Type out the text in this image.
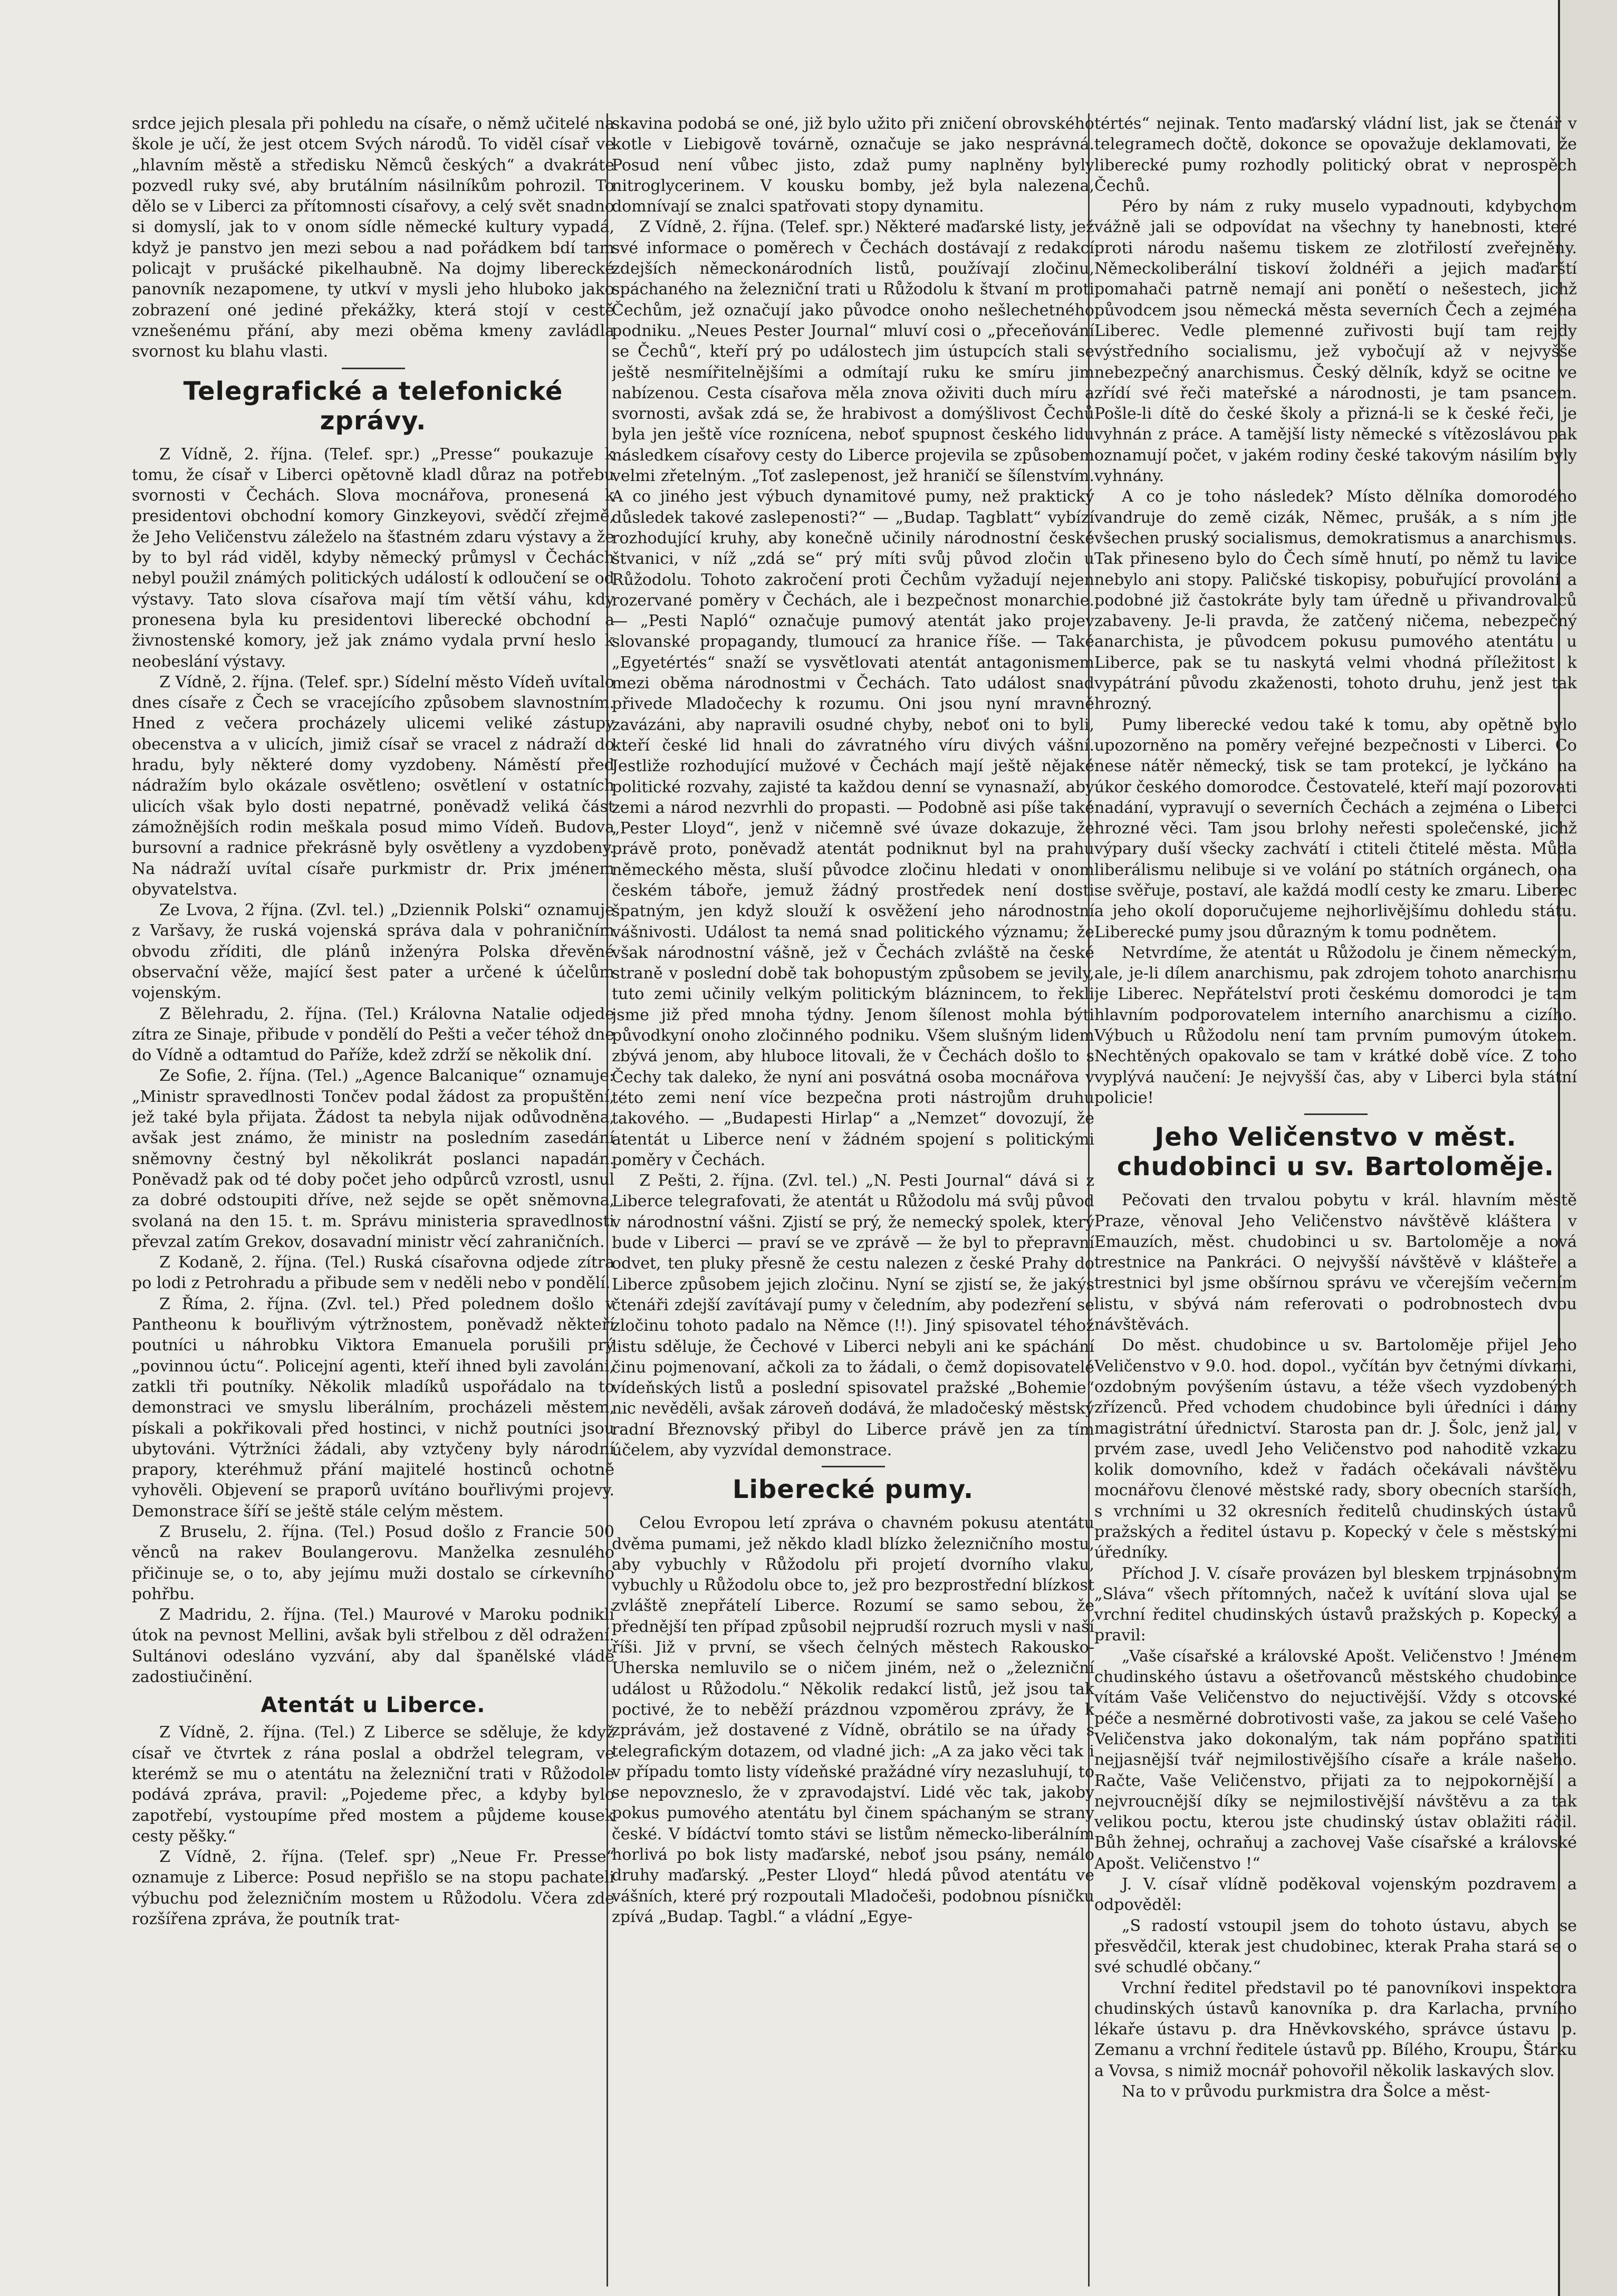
srdce jejich plesala při pohledu na císaře, o němž učitelé na škole je učí, že jest otcem Svých národů. To viděl císař ve „hlavním městě a středisku Němců českých“ a dvakráte pozvedl ruky své, aby brutálním násilníkům pohrozil. To dělo se v Liberci za přítomnosti císařovy, a celý svět snadno si domyslí, jak to v onom sídle německé kultury vypadá, když je panstvo jen mezi sebou a nad pořádkem bdí tam policajt v prušácké pikelhaubně. Na dojmy liberecké panovník nezapomene, ty utkví v mysli jeho hluboko jako zobrazení oné jediné překážky, která stojí v cestě vznešenému přání, aby mezi oběma kmeny zavládla svornost ku blahu vlasti.

Telegrafické a telefonické zprávy.

Z Vídně, 2. října. (Telef. spr.) „Presse“ poukazuje k tomu, že císař v Liberci opětovně kladl důraz na potřebu svornosti v Čechách. Slova mocnářova, pronesená k presidentovi obchodní komory Ginzkeyovi, svědčí zřejmě, že Jeho Veličenstvu záleželo na šťastném zdaru výstavy a že by to byl rád viděl, kdyby německý průmysl v Čechách nebyl použil známých politických událostí k odloučení se od výstavy. Tato slova císařova mají tím větší váhu, kdy pronesena byla ku presidentovi liberecké obchodní a živnostenské komory, jež jak známo vydala první heslo k neobeslání výstavy.

Z Vídně, 2. října. (Telef. spr.) Sídelní město Vídeň uvítalo dnes císaře z Čech se vracejícího způsobem slavnostním. Hned z večera procházely ulicemi veliké zástupy obecenstva a v ulicích, jimiž císař se vracel z nádraží do hradu, byly některé domy vyzdobeny. Náměstí před nádražím bylo okázale osvětleno; osvětlení v ostatních ulicích však bylo dosti nepatrné, poněvadž veliká část zámožnějších rodin meškala posud mimo Vídeň. Budova bursovní a radnice překrásně byly osvětleny a vyzdobeny. Na nádraží uvítal císaře purkmistr dr. Prix jménem obyvatelstva.

Ze Lvova, 2 října. (Zvl. tel.) „Dziennik Polski“ oznamuje z Varšavy, že ruská vojenská správa dala v pohraničním obvodu zříditi, dle plánů inženýra Polska dřevěné observační věže, mající šest pater a určené k účelům vojenským.

Z Bělehradu, 2. října. (Tel.) Královna Natalie odjede zítra ze Sinaje, přibude v pondělí do Pešti a večer téhož dne do Vídně a odtamtud do Paříže, kdež zdrží se několik dní.

Ze Sofie, 2. října. (Tel.) „Agence Balcanique“ oznamuje: „Ministr spravedlnosti Tončev podal žádost za propuštění, jež také byla přijata. Žádost ta nebyla nijak odůvodněna, avšak jest známo, že ministr na posledním zasedání sněmovny čestný byl několikrát poslanci napadán. Poněvadž pak od té doby počet jeho odpůrců vzrostl, usnul za dobré odstoupiti dříve, než sejde se opět sněmovna, svolaná na den 15. t. m. Správu ministeria spravedlnosti převzal zatím Grekov, dosavadní ministr věcí zahraničních.

Z Kodaně, 2. října. (Tel.) Ruská císařovna odjede zítra po lodi z Petrohradu a přibude sem v neděli nebo v pondělí.

Z Říma, 2. října. (Zvl. tel.) Před polednem došlo v Pantheonu k bouřlivým výtržnostem, poněvadž někteří poutníci u náhrobku Viktora Emanuela porušili prý „povinnou úctu“. Policejní agenti, kteří ihned byli zavoláni, zatkli tři poutníky. Několik mladíků uspořádalo na to demonstraci ve smyslu liberálním, procházeli městem, pískali a pokřikovali před hostinci, v nichž poutníci jsou ubytováni. Výtržníci žádali, aby vztyčeny byly národní prapory, kteréhmuž přání majitelé hostinců ochotně vyhověli. Objevení se praporů uvítáno bouřlivými projevy. Demonstrace šíří se ještě stále celým městem.

Z Bruselu, 2. října. (Tel.) Posud došlo z Francie 500 věnců na rakev Boulangerovu. Manželka zesnulého přičinuje se, o to, aby jejímu muži dostalo se církevního pohřbu.

Z Madridu, 2. října. (Tel.) Maurové v Maroku podnikli útok na pevnost Mellini, avšak byli střelbou z děl odražení. Sultánovi odesláno vyzvání, aby dal španělské vládě zadostiučinění.

Atentát u Liberce.

Z Vídně, 2. října. (Tel.) Z Liberce se sděluje, že když císař ve čtvrtek z rána poslal a obdržel telegram, ve kterémž se mu o atentátu na železniční trati v Růžodole podává zpráva, pravil: „Pojedeme přec, a kdyby bylo zapotřebí, vystoupíme před mostem a půjdeme kousek cesty pěšky.“

Z Vídně, 2. října. (Telef. spr) „Neue Fr. Presse“ oznamuje z Liberce: Posud nepřišlo se na stopu pachateli výbuchu pod železničním mostem u Růžodolu. Včera zde rozšířena zpráva, že poutník trat-

skavina podobá se oné, již bylo užito při zničení obrovského kotle v Liebigově továrně, označuje se jako nesprávná. Posud není vůbec jisto, zdaž pumy naplněny byly nitroglycerinem. V kousku bomby, jež byla nalezena, domnívají se znalci spatřovati stopy dynamitu.

Z Vídně, 2. října. (Telef. spr.) Některé maďarské listy, jež své informace o poměrech v Čechách dostávají z redakcí zdejších německonárodních listů, používají zločinu, spáchaného na železniční trati u Růžodolu k štvaní m proti Čechům, jež označují jako původce onoho nešlechetného podniku. „Neues Pester Journal“ mluví cosi o „přeceňování se Čechů“, kteří prý po událostech jim ústupcích stali se ještě nesmířitelnějšími a odmítají ruku ke smíru jim nabízenou. Cesta císařova měla znova oživiti duch míru a svornosti, avšak zdá se, že hrabivost a domýšlivost Čechů byla jen ještě více roznícena, neboť spupnost českého lidu následkem císařovy cesty do Liberce projevila se způsobem velmi zřetelným. „Toť zaslepenost, jež hraničí se šílenstvím. A co jiného jest výbuch dynamitové pumy, než praktický důsledek takové zaslepenosti?“ — „Budap. Tagblatt“ vybízí rozhodující kruhy, aby konečně učinily národnostní české štvanici, v níž „zdá se“ prý míti svůj původ zločin u Růžodolu. Tohoto zakročení proti Čechům vyžadují nejen rozervané poměry v Čechách, ale i bezpečnost monarchie. — „Pesti Napló“ označuje pumový atentát jako projev slovanské propagandy, tlumoucí za hranice říše. — Také „Egyetértés“ snaží se vysvětlovati atentát antagonismem mezi oběma národnostmi v Čechách. Tato událost snad přivede Mladočechy k rozumu. Oni jsou nyní mravně zavázáni, aby napravili osudné chyby, neboť oni to byli, kteří české lid hnali do závratného víru divých vášní. Jestliže rozhodující mužové v Čechách mají ještě nějaké politické rozvahy, zajisté ta každou denní se vynasnaží, aby zemi a národ nezvrhli do propasti. — Podobně asi píše také „Pester Lloyd“, jenž v ničemně své úvaze dokazuje, že právě proto, poněvadž atentát podniknut byl na prahu německého města, sluší původce zločinu hledati v onom českém táboře, jemuž žádný prostředek není dosti špatným, jen když slouží k osvěžení jeho národnostní vášnivosti. Událost ta nemá snad politického významu; že však národnostní vášně, jež v Čechách zvláště na české straně v poslední době tak bohopustým způsobem se jevily, tuto zemi učinily velkým politickým bláznincem, to řekli jsme již před mnoha týdny. Jenom šílenost mohla býti původkyní onoho zločinného podniku. Všem slušným lidem zbývá jenom, aby hluboce litovali, že v Čechách došlo to s Čechy tak daleko, že nyní ani posvátná osoba mocnářova v této zemi není více bezpečna proti nástrojům druhu takového. — „Budapesti Hirlap“ a „Nemzet“ dovozují, že atentát u Liberce není v žádném spojení s politickými poměry v Čechách.

Z Pešti, 2. října. (Zvl. tel.) „N. Pesti Journal“ dává si z Liberce telegrafovati, že atentát u Růžodolu má svůj původ v národnostní vášni. Zjistí se prý, že nemecký spolek, který bude v Liberci — praví se ve zprávě — že byl to přepravní odvet, ten pluky přesně že cestu nalezen z české Prahy do Liberce způsobem jejich zločinu. Nyní se zjistí se, že jakýs čtenáři zdejší zavítávají pumy v čeledním, aby podezření se zločinu tohoto padalo na Němce (!!). Jiný spisovatel téhož listu sděluje, že Čechové v Liberci nebyli ani ke spáchání činu pojmenovaní, ačkoli za to žádali, o čemž dopisovatelé vídeňských listů a poslední spisovatel pražské „Bohemie“ nic nevěděli, avšak zároveň dodává, že mladočeský městský radní Březnovský přibyl do Liberce právě jen za tím účelem, aby vyzvídal demonstrace.

Liberecké pumy.

Celou Evropou letí zpráva o chavném pokusu atentátu dvěma pumami, jež někdo kladl blízko železničního mostu, aby vybuchly v Růžodolu při projetí dvorního vlaku, vybuchly u Růžodolu obce to, jež pro bezprostřední blízkost zvláště znepřátelí Liberce. Rozumí se samo sebou, že přednější ten případ způsobil nejprudší rozruch mysli v naší říši. Již v první, se všech čelných městech Rakousko-Uherska nemluvilo se o ničem jiném, než o „železniční událost u Růžodolu.“ Několik redakcí listů, jež jsou tak poctivé, že to neběží prázdnou vzpoměrou zprávy, že k zprávám, jež dostavené z Vídně, obrátilo se na úřady s telegrafickým dotazem, od vladné jich: „A za jako věci tak i v případu tomto listy vídeňské pražádné víry nezasluhují, to se nepovzneslo, že v zpravodajství. Lidé věc tak, jakoby pokus pumového atentátu byl činem spáchaným se strany české. V bídáctví tomto stávi se listům německo-liberálním horlivá po bok listy maďarské, neboť jsou psány, nemálo druhy maďarský. „Pester Lloyd“ hledá původ atentátu ve vášních, které prý rozpoutali Mladočeši, podobnou písničku zpívá „Budap. Tagbl.“ a vládní „Egye-

tértés“ nejinak. Tento maďarský vládní list, jak se čtenář v telegramech dočtě, dokonce se opovažuje deklamovati, že liberecké pumy rozhodly politický obrat v neprospěch Čechů.

Péro by nám z ruky muselo vypadnouti, kdybychom vážně jali se odpovídat na všechny ty hanebnosti, které proti národu našemu tiskem ze zlotřilostí zveřejněny. Německoliberální tiskoví žoldnéři a jejich maďarští pomahači patrně nemají ani ponětí o nešestech, jichž původcem jsou německá města severních Čech a zejména Liberec. Vedle plemenné zuřivosti bují tam rejdy výstředního socialismu, jež vybočují až v nejvyšše nebezpečný anarchismus. Český dělník, když se ocitne ve zřídí své řeči mateřské a národnosti, je tam psancem. Pošle-li dítě do české školy a přizná-li se k české řeči, je vyhnán z práce. A tamější listy německé s vítězoslávou pak oznamují počet, v jakém rodiny české takovým násilím byly vyhnány.

A co je toho následek? Místo dělníka domorodého vandruje do země cizák, Němec, prušák, a s ním jde všechen pruský socialismus, demokratismus a anarchismus. Tak přineseno bylo do Čech símě hnutí, po němž tu lavice nebylo ani stopy. Paličské tiskopisy, pobuřující provolání a podobné již častokráte byly tam úředně u přivandrovalců zabaveny. Je-li pravda, že zatčený ničema, nebezpečný anarchista, je původcem pokusu pumového atentátu u Liberce, pak se tu naskytá velmi vhodná příležitost k vypátrání původu zkaženosti, tohoto druhu, jenž jest tak hrozný.

Pumy liberecké vedou také k tomu, aby opětně bylo upozorněno na poměry veřejné bezpečnosti v Liberci. Co nese nátěr německý, tisk se tam protekcí, je lyčkáno na úkor českého domorodce. Čestovatelé, kteří mají pozorovati nadání, vypravují o severních Čechách a zejména o Liberci hrozné věci. Tam jsou brlohy neřesti společenské, jichž výpary duší všecky zachvátí i ctiteli čtitelé města. Můda liberálismu nelibuje si ve volání po státních orgánech, ona se svěřuje, postaví, ale každá modlí cesty ke zmaru. Liberec a jeho okolí doporučujeme nejhorlivějšímu dohledu státu. Liberecké pumy jsou důrazným k tomu podnětem.

Netvrdíme, že atentát u Růžodolu je činem německým, ale, je-li dílem anarchismu, pak zdrojem tohoto anarchismu je Liberec. Nepřátelství proti českému domorodci je tam hlavním podporovatelem interního anarchismu a cizího. Výbuch u Růžodolu není tam prvním pumovým útokem. Nechtěných opakovalo se tam v krátké době více. Z toho vyplývá naučení: Je nejvyšší čas, aby v Liberci byla státní policie!

Jeho Veličenstvo v měst. chudobinci u sv. Bartoloměje.

Pečovati den trvalou pobytu v král. hlavním městě Praze, věnoval Jeho Veličenstvo návštěvě kláštera v Emauzích, měst. chudobinci u sv. Bartoloměje a nová trestnice na Pankráci. O nejvyšší návštěvě v klášteře a trestnici byl jsme obšírnou správu ve včerejším večerním listu, v sbývá nám referovati o podrobnostech dvou návštěvách.

Do měst. chudobince u sv. Bartoloměje přijel Jeho Veličenstvo v 9.0. hod. dopol., vyčítán byv četnými dívkami, ozdobným povýšením ústavu, a téže všech vyzdobených zřízenců. Před vchodem chudobince byli úředníci i dámy magistrátní úřednictví. Starosta pan dr. J. Šolc, jenž jal, v prvém zase, uvedl Jeho Veličenstvo pod nahoditě vzkazu kolik domovního, kdež v řadách očekávali návštěvu mocnářovu členové městské rady, sbory obecních starších, s vrchními u 32 okresních ředitelů chudinských ústavů pražských a ředitel ústavu p. Kopecký v čele s městskými úředníky.

Příchod J. V. císaře provázen byl bleskem trpjnásobným „Sláva“ všech přítomných, načež k uvítání slova ujal se vrchní ředitel chudinských ústavů pražských p. Kopecký a pravil:

„Vaše císařské a královské Apošt. Veličenstvo ! Jménem chudinského ústavu a ošetřovanců městského chudobince vítám Vaše Veličenstvo do nejuctivější. Vždy s otcovské péče a nesměrné dobrotivosti vaše, za jakou se celé Vašeho Veličenstva jako dokonalým, tak nám popřáno spatřiti nejjasnější tvář nejmilostivějšího císaře a krále našeho. Račte, Vaše Veličenstvo, přijati za to nejpokornější a nejvroucnější díky se nejmilostivější návštěvu a za tak velikou poctu, kterou jste chudinský ústav oblažiti ráčil. Bůh žehnej, ochraňuj a zachovej Vaše císařské a královské Apošt. Veličenstvo !“

J. V. císař vlídně poděkoval vojenským pozdravem a odpověděl:

„S radostí vstoupil jsem do tohoto ústavu, abych se přesvědčil, kterak jest chudobinec, kterak Praha stará se o své schudlé občany.“

Vrchní ředitel představil po té panovníkovi inspektora chudinských ústavů kanovníka p. dra Karlacha, prvního lékaře ústavu p. dra Hněvkovského, správce ústavu p. Zemanu a vrchní ředitele ústavů pp. Bílého, Kroupu, Štárku a Vovsa, s nimiž mocnář pohovořil několik laskavých slov.

Na to v průvodu purkmistra dra Šolce a měst-
